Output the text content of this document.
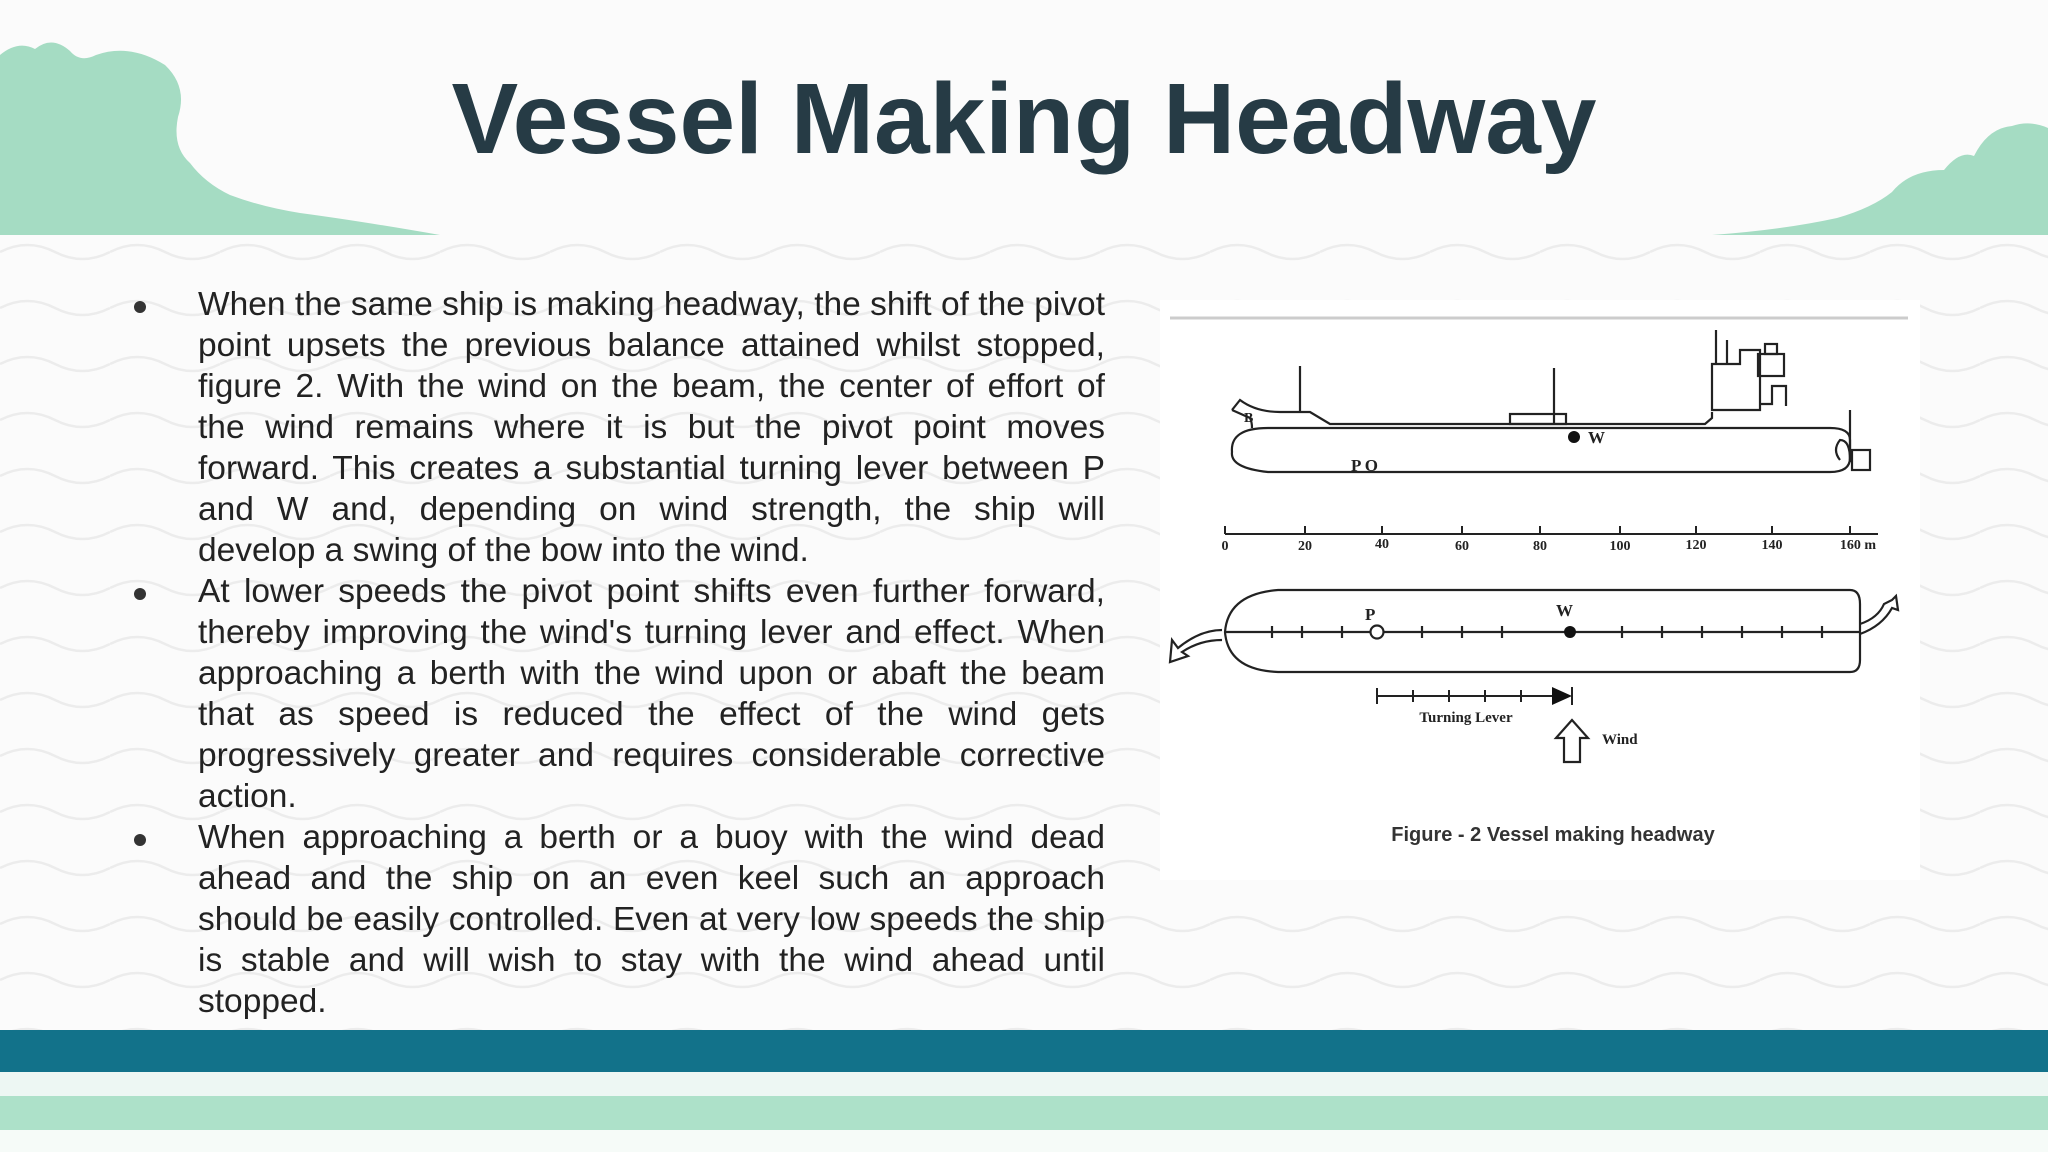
Vessel Making Headway
When the same ship is making headway, the shift of the pivot point upsets the previous balance attained whilst stopped, figure 2. With the wind on the beam, the center of effort of the wind remains where it is but the pivot point moves forward. This creates a substantial turning lever between P and W and, depending on wind strength, the ship will develop a swing of the bow into the wind.
At lower speeds the pivot point shifts even further forward, thereby improving the wind's turning lever and effect. When approaching a berth with the wind upon or abaft the beam that as speed is reduced the effect of the wind gets progressively greater and requires considerable corrective action.
When approaching a berth or a buoy with the wind dead ahead and the ship on an even keel such an approach should be easily controlled. Even at very low speeds the ship is stable and will wish to stay with the wind ahead until stopped.
B
W
P O
0	20	40	60	80	100	120	140	160 m
P	W
Turning Lever
Wind
Figure - 2 Vessel making headway
